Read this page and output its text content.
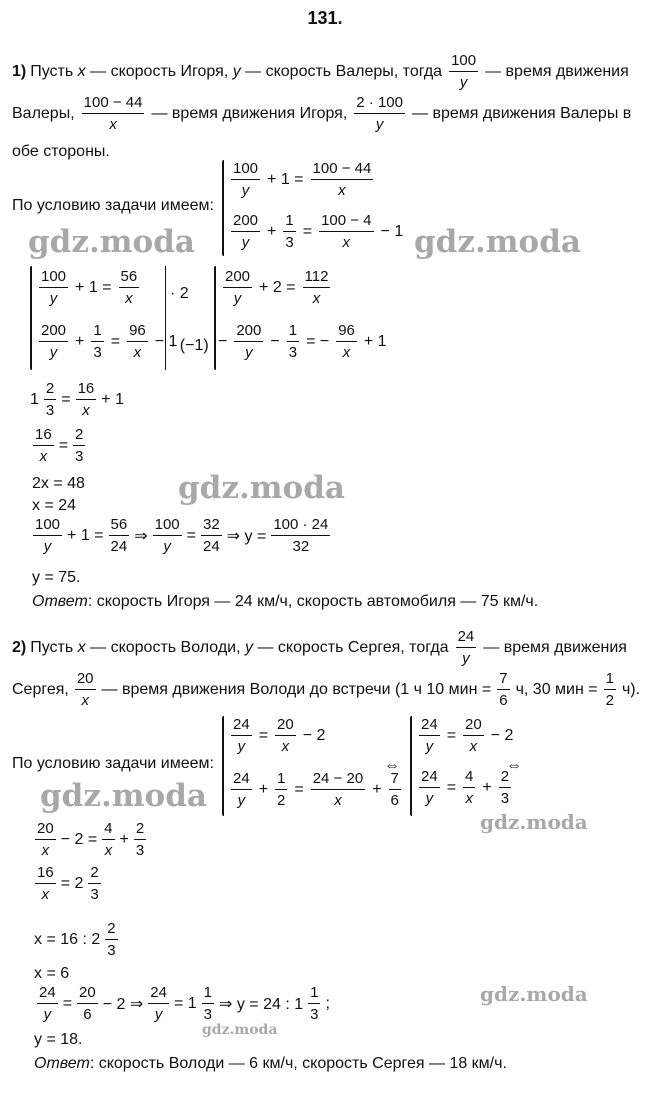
131.
1) Пусть x — скорость Игоря, y — скорость Валеры, тогда
100
y
— время движения
Валеры,
100 − 44
x
— время движения Игоря,
2 · 100
y
— время движения Валеры в
обе стороны.
По условию задачи имеем:
100
y
+ $1 = \frac{100 - 44}{x}$
200
y
+ $\frac{1}{3} = \frac{100 - 4}{x} - 1$
100
y
+ $1 = \frac{56}{x}$
200
y
+ $\frac{1}{3} = \frac{96}{x} - 1$
· 2
· (−1)
200
y
+ $2 = \frac{112}{x}$
− $\frac{200}{y} - \frac{1}{3}$ = − $\frac{96}{x} + 1$
$1 \frac{2}{3} = \frac{16}{x} + 1$
$\frac{16}{x} = \frac{2}{3}$
2x = 48
x = 24
100
y
+ $1 = \frac{56}{24}$ ⇒ $\frac{100}{y} = \frac{32}{24}$ ⇒ $y = \frac{100 \cdot 24}{32}$
y = 75.
Ответ: скорость Игоря — 24 км/ч, скорость автомобиля — 75 км/ч.
2) Пусть x — скорость Володи, y — скорость Сергея, тогда
24
y
— время движения
Сергея,
20
x
— время движения Володи до встречи (1 ч 10 мин = $\frac{7}{6} ч$, 30 мин = $\frac{1}{2} ч$).
По условию задачи имеем:
$\frac{24}{y} = \frac{20}{x} - 2$
24
y
+ $\frac{1}{2} = \frac{24 - 20}{x} + \frac{7}{6}$
⇔
$\frac{24}{y} = \frac{20}{x} - 2$
$\frac{24}{y} = \frac{4}{x} + \frac{2}{3}$
⇔
20
x
− $2 = \frac{4}{x} + \frac{2}{3}$
$\frac{16}{x} = 2$
2
3
x = 16 : 2
2
3
x = 6
$\frac{24}{y} = \frac{20}{6} - 2$ ⇒ $\frac{24}{y} = 1$
1
3
⇒ y = 24 : 1
1
3
;
y = 18.
Ответ: скорость Володи — 6 км/ч, скорость Сергея — 18 км/ч.
gdz.moda	gdz.moda
gdz.moda
gdz.moda
gdz.moda
gdz.moda
gdz.moda
